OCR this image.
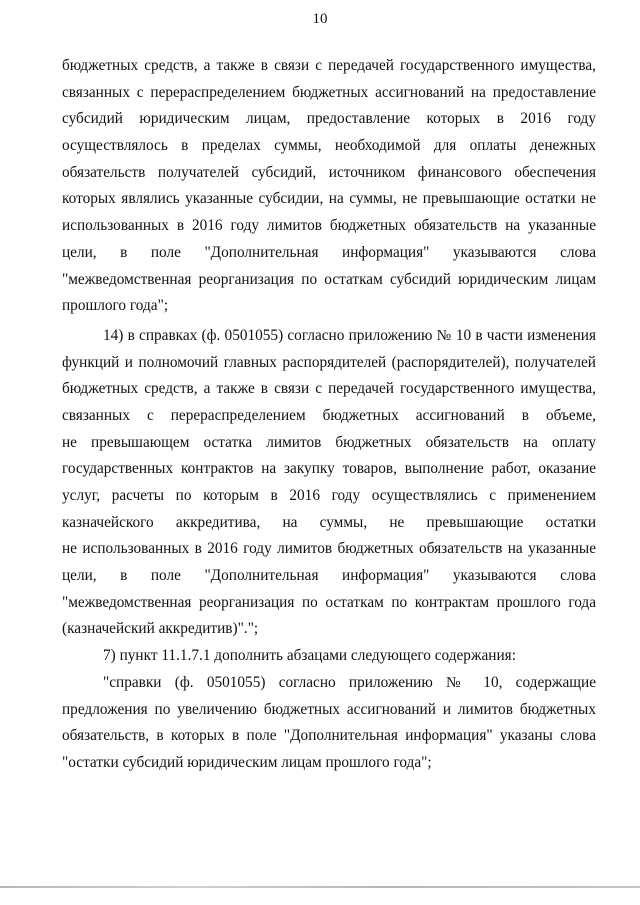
10
бюджетных средств, а также в связи с передачей государственного имущества,
связанных с перераспределением бюджетных ассигнований на предоставление
субсидий юридическим лицам, предоставление которых в 2016 году
осуществлялось в пределах суммы, необходимой для оплаты денежных
обязательств получателей субсидий, источником финансового обеспечения
которых являлись указанные субсидии, на суммы, не превышающие остатки не
использованных в 2016 году лимитов бюджетных обязательств на указанные
цели, в поле "Дополнительная информация" указываются слова
"межведомственная реорганизация по остаткам субсидий юридическим лицам
прошлого года";
14) в справках (ф. 0501055) согласно приложению № 10 в части изменения
функций и полномочий главных распорядителей (распорядителей), получателей
бюджетных средств, а также в связи с передачей государственного имущества,
связанных с перераспределением бюджетных ассигнований в объеме,
не превышающем остатка лимитов бюджетных обязательств на оплату
государственных контрактов на закупку товаров, выполнение работ, оказание
услуг, расчеты по которым в 2016 году осуществлялись с применением
казначейского аккредитива, на суммы, не превышающие остатки
не использованных в 2016 году лимитов бюджетных обязательств на указанные
цели, в поле "Дополнительная информация" указываются слова
"межведомственная реорганизация по остаткам по контрактам прошлого года
(казначейский аккредитив)".";
7) пункт 11.1.7.1 дополнить абзацами следующего содержания:
"справки (ф. 0501055) согласно приложению № 10, содержащие
предложения по увеличению бюджетных ассигнований и лимитов бюджетных
обязательств, в которых в поле "Дополнительная информация" указаны слова
"остатки субсидий юридическим лицам прошлого года";
